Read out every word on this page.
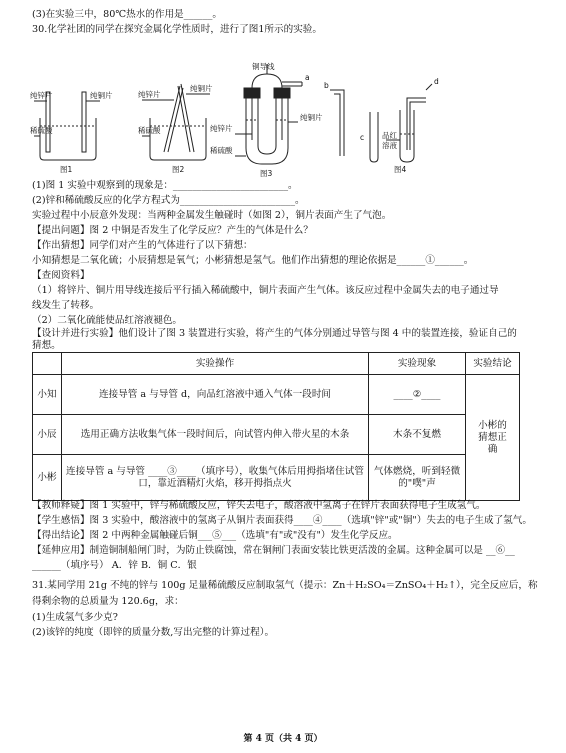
(3)在实验三中，80℃热水的作用是______。
30.化学社团的同学在探究金属化学性质时，进行了图1所示的实验。
纯锌片	纯铜片
稀硫酸
图1
纯锌片
纯铜片
稀硫酸
图2
铜导线
a
纯锌片
纯铜片
稀硫酸
图3
b
c
d
品红
溶液
图4
(1)图 1 实验中观察到的现象是：________________________。
(2)锌和稀硫酸反应的化学方程式为________________________。
实验过程中小辰意外发现：当两种金属发生触碰时（如图 2），铜片表面产生了气泡。
【提出问题】图 2 中铜是否发生了化学反应？产生的气体是什么？
【作出猜想】同学们对产生的气体进行了以下猜想：
小知猜想是二氧化硫；小辰猜想是氧气；小彬猜想是氢气。他们作出猜想的理论依据是______①______。
【查阅资料】
（1）将锌片、铜片用导线连接后平行插入稀硫酸中，铜片表面产生气体。该反应过程中金属失去的电子通过导
线发生了转移。
（2）二氧化硫能使品红溶液褪色。
【设计并进行实验】他们设计了图 3 装置进行实验，将产生的气体分别通过导管与图 4 中的装置连接，验证自己的
猜想。
	实验操作	实验现象	实验结论
小知	连接导管 a 与导管 d，向品红溶液中通入气体一段时间	____②____	小彬的猜想正确
小辰	选用正确方法收集气体一段时间后，向试管内伸入带火星的木条	木条不复燃	
小彬	连接导管 a 与导管 ____③____（填序号），收集气体后用拇指堵住试管口，靠近酒精灯火焰，移开拇指点火	气体燃烧，听到轻微的"噗"声	
【教师释疑】图 1 实验中，锌与稀硫酸反应，锌失去电子，酸溶液中氢离子在锌片表面获得电子生成氢气。
【学生感悟】图 3 实验中，酸溶液中的氢离子从铜片表面获得____④____（选填"锌"或"铜"）失去的电子生成了氢气。
【得出结论】图 2 中两种金属触碰后铜___⑤___（选填"有"或"没有"）发生化学反应。
【延伸应用】制造铜制船闸门时，为防止铁腐蚀，常在铜闸门表面安装比铁更活泼的金属。这种金属可以是 __⑥__
______（填序号） A．锌 B．铜 C．银
31.某同学用 21g 不纯的锌与 100g 足量稀硫酸反应制取氢气（提示：Zn＋H₂SO₄＝ZnSO₄＋H₂↑），完全反应后，称
得剩余物的总质量为 120.6g，求：
(1)生成氢气多少克?
(2)该锌的纯度（即锌的质量分数,写出完整的计算过程）。
第 4 页（共 4 页）
